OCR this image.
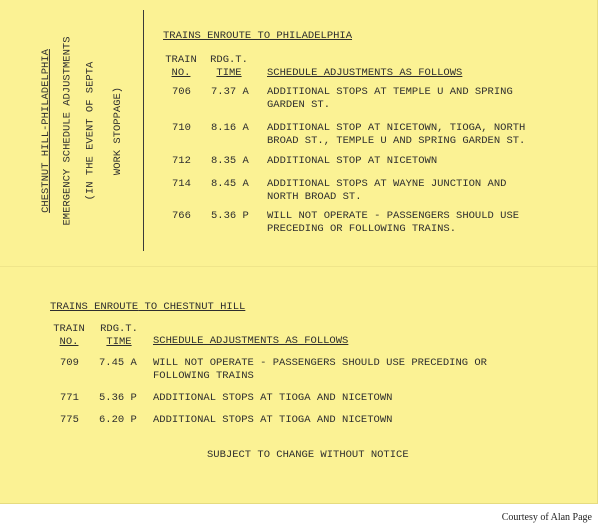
CHESTNUT HILL-PHILADELPHIA EMERGENCY SCHEDULE ADJUSTMENTS (IN THE EVENT OF SEPTA WORK STOPPAGE)
TRAINS ENROUTE TO PHILADELPHIA
TRAIN
NO.
RDG.T.
TIME	SCHEDULE ADJUSTMENTS AS FOLLOWS
706 7.37 A ADDITIONAL STOPS AT TEMPLE U AND SPRING
GARDEN ST.
710 8.16 A ADDITIONAL STOP AT NICETOWN, TIOGA, NORTH
BROAD ST., TEMPLE U AND SPRING GARDEN ST.
712 8.35 A ADDITIONAL STOP AT NICETOWN
714 8.45 A ADDITIONAL STOPS AT WAYNE JUNCTION AND
NORTH BROAD ST.
766 5.36 P WILL NOT OPERATE - PASSENGERS SHOULD USE
PRECEDING OR FOLLOWING TRAINS.
TRAINS ENROUTE TO CHESTNUT HILL
TRAIN
NO.
RDG.T.
TIME	SCHEDULE ADJUSTMENTS AS FOLLOWS
709 7.45 A WILL NOT OPERATE - PASSENGERS SHOULD USE PRECEDING OR
FOLLOWING TRAINS
771 5.36 P ADDITIONAL STOPS AT TIOGA AND NICETOWN
775 6.20 P ADDITIONAL STOPS AT TIOGA AND NICETOWN
SUBJECT TO CHANGE WITHOUT NOTICE
Courtesy of Alan Page
